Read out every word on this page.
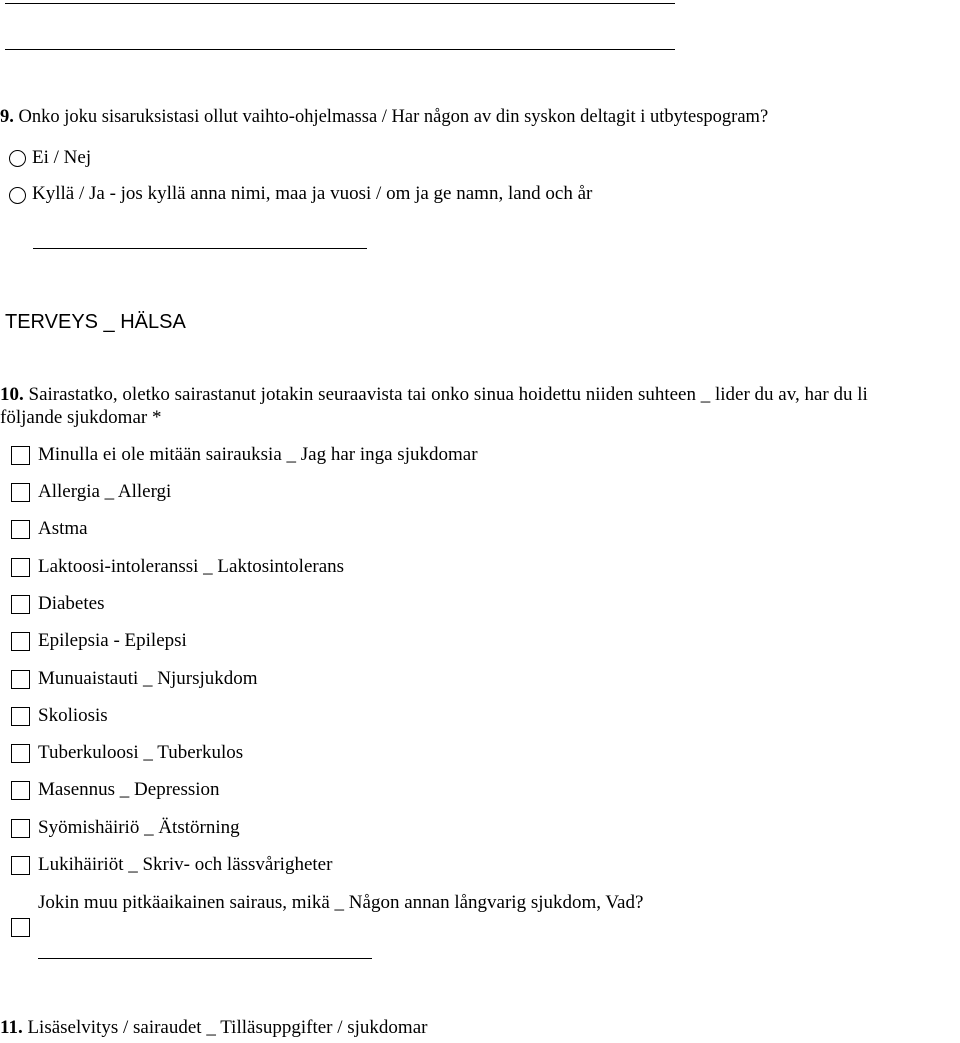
9. Onko joku sisaruksistasi ollut vaihto-ohjelmassa / Har någon av din syskon deltagit i utbytespogram?
Ei / Nej
Kyllä / Ja - jos kyllä anna nimi, maa ja vuosi / om ja ge namn, land och år
TERVEYS _ HÄLSA
10. Sairastatko, oletko sairastanut jotakin seuraavista tai onko sinua hoidettu niiden suhteen _ lider du av, har du li
följande sjukdomar *
Minulla ei ole mitään sairauksia _ Jag har inga sjukdomar
Allergia _ Allergi
Astma
Laktoosi-intoleranssi _ Laktosintolerans
Diabetes
Epilepsia - Epilepsi
Munuaistauti _ Njursjukdom
Skoliosis
Tuberkuloosi _ Tuberkulos
Masennus _ Depression
Syömishäiriö _ Ätstörning
Lukihäiriöt _ Skriv- och lässvårigheter
Jokin muu pitkäaikainen sairaus, mikä _ Någon annan långvarig sjukdom, Vad?
11. Lisäselvitys / sairaudet _ Tilläsuppgifter / sjukdomar
